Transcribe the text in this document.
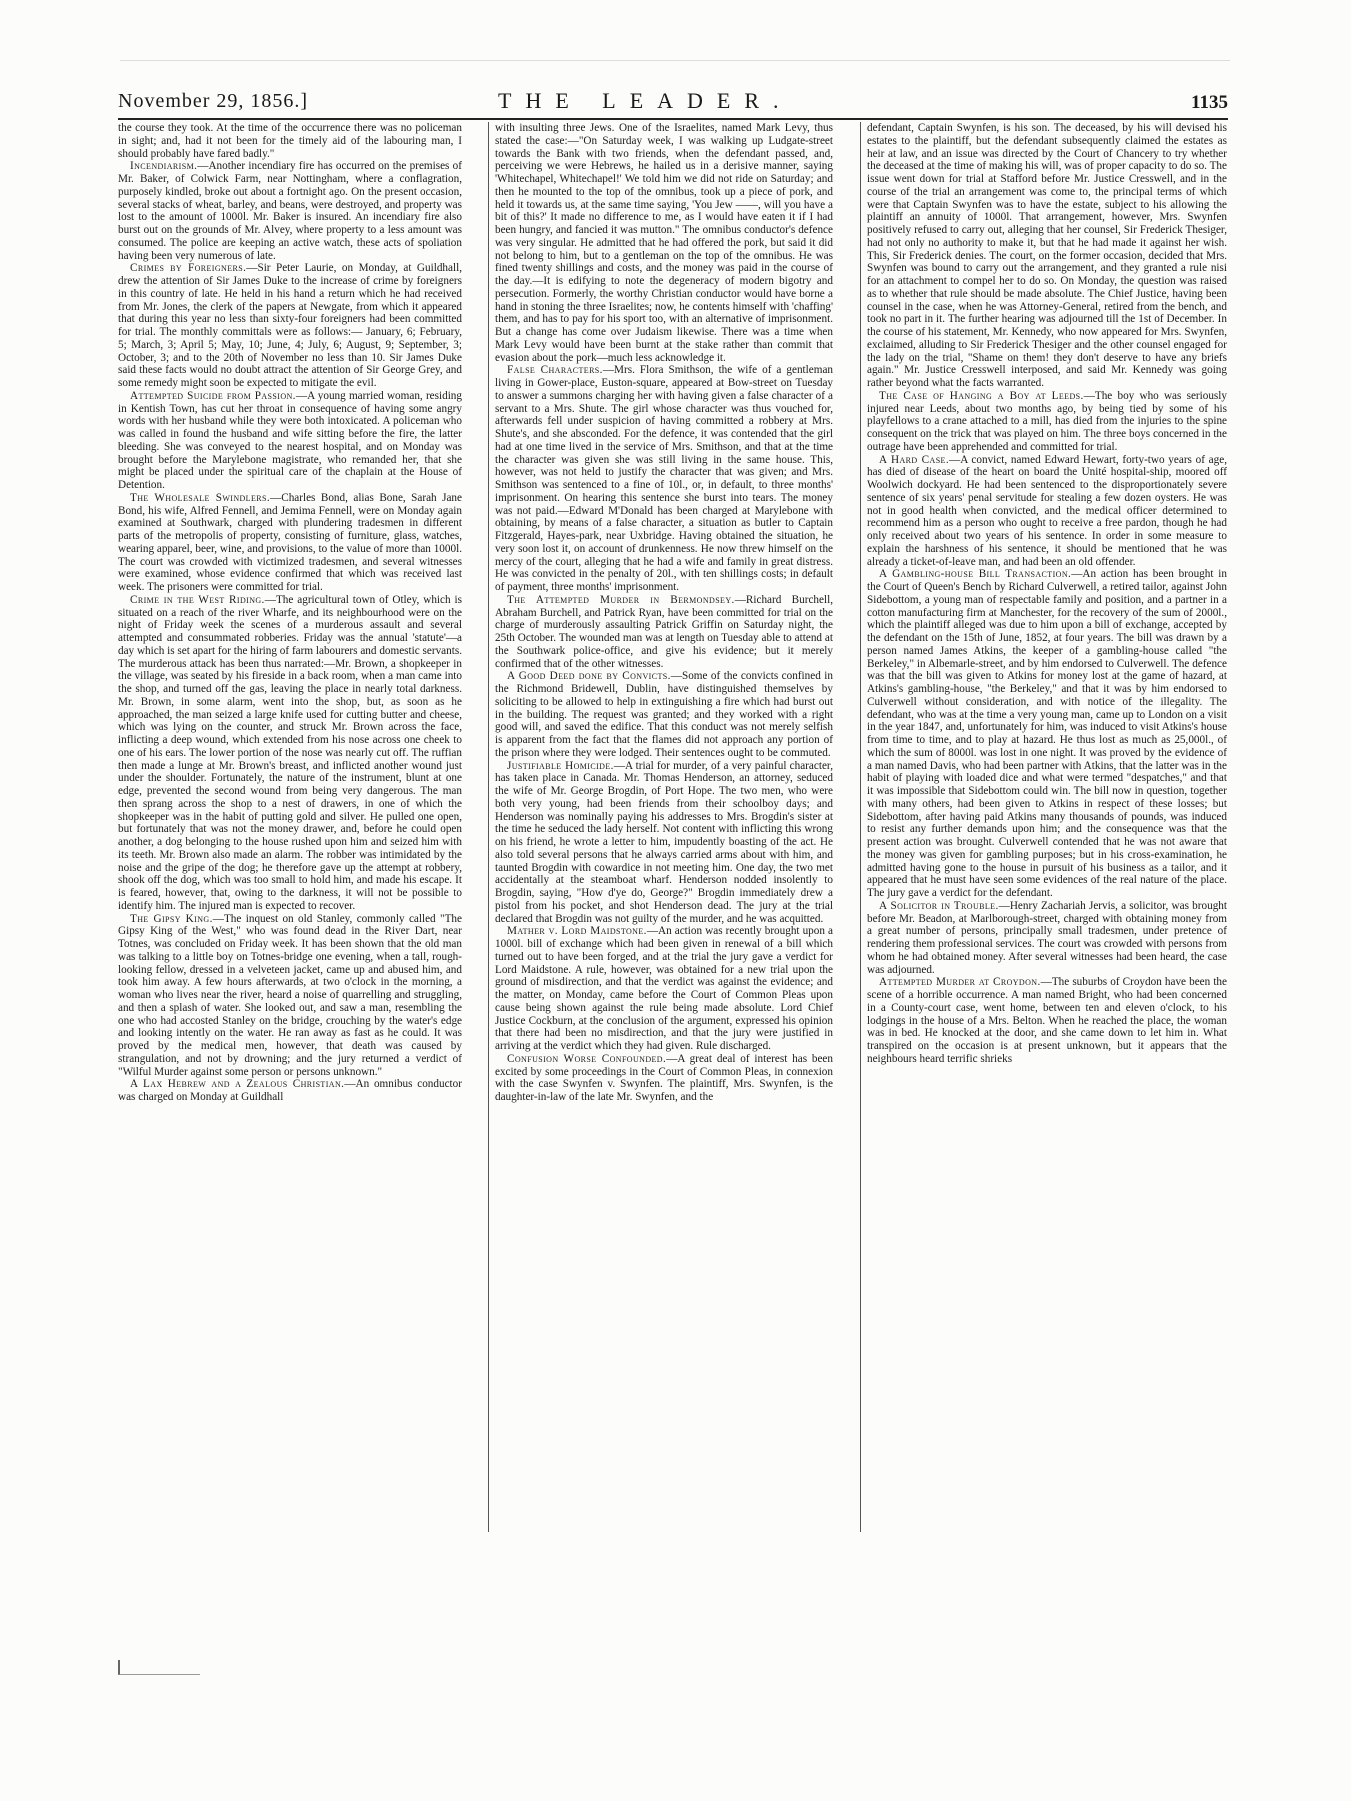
November 29, 1856.]	THE LEADER.	1135

the course they took. At the time of the occurrence there was no policeman in sight; and, had it not been for the timely aid of the labouring man, I should probably have fared badly."

Incendiarism.—Another incendiary fire has occurred on the premises of Mr. Baker, of Colwick Farm, near Nottingham, where a conflagration, purposely kindled, broke out about a fortnight ago. On the present occasion, several stacks of wheat, barley, and beans, were destroyed, and property was lost to the amount of 1000l. Mr. Baker is insured. An incendiary fire also burst out on the grounds of Mr. Alvey, where property to a less amount was consumed. The police are keeping an active watch, these acts of spoliation having been very numerous of late.

Crimes by Foreigners.—Sir Peter Laurie, on Monday, at Guildhall, drew the attention of Sir James Duke to the increase of crime by foreigners in this country of late. He held in his hand a return which he had received from Mr. Jones, the clerk of the papers at Newgate, from which it appeared that during this year no less than sixty-four foreigners had been committed for trial. The monthly committals were as follows:— January, 6; February, 5; March, 3; April 5; May, 10; June, 4; July, 6; August, 9; September, 3; October, 3; and to the 20th of November no less than 10. Sir James Duke said these facts would no doubt attract the attention of Sir George Grey, and some remedy might soon be expected to mitigate the evil.

Attempted Suicide from Passion.—A young married woman, residing in Kentish Town, has cut her throat in consequence of having some angry words with her husband while they were both intoxicated. A policeman who was called in found the husband and wife sitting before the fire, the latter bleeding. She was conveyed to the nearest hospital, and on Monday was brought before the Marylebone magistrate, who remanded her, that she might be placed under the spiritual care of the chaplain at the House of Detention.

The Wholesale Swindlers.—Charles Bond, alias Bone, Sarah Jane Bond, his wife, Alfred Fennell, and Jemima Fennell, were on Monday again examined at Southwark, charged with plundering tradesmen in different parts of the metropolis of property, consisting of furniture, glass, watches, wearing apparel, beer, wine, and provisions, to the value of more than 1000l. The court was crowded with victimized tradesmen, and several witnesses were examined, whose evidence confirmed that which was received last week. The prisoners were committed for trial.

Crime in the West Riding.—The agricultural town of Otley, which is situated on a reach of the river Wharfe, and its neighbourhood were on the night of Friday week the scenes of a murderous assault and several attempted and consummated robberies. Friday was the annual 'statute'—a day which is set apart for the hiring of farm labourers and domestic servants. The murderous attack has been thus narrated:—Mr. Brown, a shopkeeper in the village, was seated by his fireside in a back room, when a man came into the shop, and turned off the gas, leaving the place in nearly total darkness. Mr. Brown, in some alarm, went into the shop, but, as soon as he approached, the man seized a large knife used for cutting butter and cheese, which was lying on the counter, and struck Mr. Brown across the face, inflicting a deep wound, which extended from his nose across one cheek to one of his ears. The lower portion of the nose was nearly cut off. The ruffian then made a lunge at Mr. Brown's breast, and inflicted another wound just under the shoulder. Fortunately, the nature of the instrument, blunt at one edge, prevented the second wound from being very dangerous. The man then sprang across the shop to a nest of drawers, in one of which the shopkeeper was in the habit of putting gold and silver. He pulled one open, but fortunately that was not the money drawer, and, before he could open another, a dog belonging to the house rushed upon him and seized him with its teeth. Mr. Brown also made an alarm. The robber was intimidated by the noise and the gripe of the dog; he therefore gave up the attempt at robbery, shook off the dog, which was too small to hold him, and made his escape. It is feared, however, that, owing to the darkness, it will not be possible to identify him. The injured man is expected to recover.

The Gipsy King.—The inquest on old Stanley, commonly called "The Gipsy King of the West," who was found dead in the River Dart, near Totnes, was concluded on Friday week. It has been shown that the old man was talking to a little boy on Totnes-bridge one evening, when a tall, rough-looking fellow, dressed in a velveteen jacket, came up and abused him, and took him away. A few hours afterwards, at two o'clock in the morning, a woman who lives near the river, heard a noise of quarrelling and struggling, and then a splash of water. She looked out, and saw a man, resembling the one who had accosted Stanley on the bridge, crouching by the water's edge and looking intently on the water. He ran away as fast as he could. It was proved by the medical men, however, that death was caused by strangulation, and not by drowning; and the jury returned a verdict of "Wilful Murder against some person or persons unknown."

A Lax Hebrew and a Zealous Christian.—An omnibus conductor was charged on Monday at Guildhall

with insulting three Jews. One of the Israelites, named Mark Levy, thus stated the case:—"On Saturday week, I was walking up Ludgate-street towards the Bank with two friends, when the defendant passed, and, perceiving we were Hebrews, he hailed us in a derisive manner, saying 'Whitechapel, Whitechapel!' We told him we did not ride on Saturday; and then he mounted to the top of the omnibus, took up a piece of pork, and held it towards us, at the same time saying, 'You Jew ——, will you have a bit of this?' It made no difference to me, as I would have eaten it if I had been hungry, and fancied it was mutton." The omnibus conductor's defence was very singular. He admitted that he had offered the pork, but said it did not belong to him, but to a gentleman on the top of the omnibus. He was fined twenty shillings and costs, and the money was paid in the course of the day.—It is edifying to note the degeneracy of modern bigotry and persecution. Formerly, the worthy Christian conductor would have borne a hand in stoning the three Israelites; now, he contents himself with 'chaffing' them, and has to pay for his sport too, with an alternative of imprisonment. But a change has come over Judaism likewise. There was a time when Mark Levy would have been burnt at the stake rather than commit that evasion about the pork—much less acknowledge it.

False Characters.—Mrs. Flora Smithson, the wife of a gentleman living in Gower-place, Euston-square, appeared at Bow-street on Tuesday to answer a summons charging her with having given a false character of a servant to a Mrs. Shute. The girl whose character was thus vouched for, afterwards fell under suspicion of having committed a robbery at Mrs. Shute's, and she absconded. For the defence, it was contended that the girl had at one time lived in the service of Mrs. Smithson, and that at the time the character was given she was still living in the same house. This, however, was not held to justify the character that was given; and Mrs. Smithson was sentenced to a fine of 10l., or, in default, to three months' imprisonment. On hearing this sentence she burst into tears. The money was not paid.—Edward M'Donald has been charged at Marylebone with obtaining, by means of a false character, a situation as butler to Captain Fitzgerald, Hayes-park, near Uxbridge. Having obtained the situation, he very soon lost it, on account of drunkenness. He now threw himself on the mercy of the court, alleging that he had a wife and family in great distress. He was convicted in the penalty of 20l., with ten shillings costs; in default of payment, three months' imprisonment.

The Attempted Murder in Bermondsey.—Richard Burchell, Abraham Burchell, and Patrick Ryan, have been committed for trial on the charge of murderously assaulting Patrick Griffin on Saturday night, the 25th October. The wounded man was at length on Tuesday able to attend at the Southwark police-office, and give his evidence; but it merely confirmed that of the other witnesses.

A Good Deed done by Convicts.—Some of the convicts confined in the Richmond Bridewell, Dublin, have distinguished themselves by soliciting to be allowed to help in extinguishing a fire which had burst out in the building. The request was granted; and they worked with a right good will, and saved the edifice. That this conduct was not merely selfish is apparent from the fact that the flames did not approach any portion of the prison where they were lodged. Their sentences ought to be commuted.

Justifiable Homicide.—A trial for murder, of a very painful character, has taken place in Canada. Mr. Thomas Henderson, an attorney, seduced the wife of Mr. George Brogdin, of Port Hope. The two men, who were both very young, had been friends from their schoolboy days; and Henderson was nominally paying his addresses to Mrs. Brogdin's sister at the time he seduced the lady herself. Not content with inflicting this wrong on his friend, he wrote a letter to him, impudently boasting of the act. He also told several persons that he always carried arms about with him, and taunted Brogdin with cowardice in not meeting him. One day, the two met accidentally at the steamboat wharf. Henderson nodded insolently to Brogdin, saying, "How d'ye do, George?" Brogdin immediately drew a pistol from his pocket, and shot Henderson dead. The jury at the trial declared that Brogdin was not guilty of the murder, and he was acquitted.

Mather v. Lord Maidstone.—An action was recently brought upon a 1000l. bill of exchange which had been given in renewal of a bill which turned out to have been forged, and at the trial the jury gave a verdict for Lord Maidstone. A rule, however, was obtained for a new trial upon the ground of misdirection, and that the verdict was against the evidence; and the matter, on Monday, came before the Court of Common Pleas upon cause being shown against the rule being made absolute. Lord Chief Justice Cockburn, at the conclusion of the argument, expressed his opinion that there had been no misdirection, and that the jury were justified in arriving at the verdict which they had given. Rule discharged.

Confusion Worse Confounded.—A great deal of interest has been excited by some proceedings in the Court of Common Pleas, in connexion with the case Swynfen v. Swynfen. The plaintiff, Mrs. Swynfen, is the daughter-in-law of the late Mr. Swynfen, and the

defendant, Captain Swynfen, is his son. The deceased, by his will devised his estates to the plaintiff, but the defendant subsequently claimed the estates as heir at law, and an issue was directed by the Court of Chancery to try whether the deceased at the time of making his will, was of proper capacity to do so. The issue went down for trial at Stafford before Mr. Justice Cresswell, and in the course of the trial an arrangement was come to, the principal terms of which were that Captain Swynfen was to have the estate, subject to his allowing the plaintiff an annuity of 1000l. That arrangement, however, Mrs. Swynfen positively refused to carry out, alleging that her counsel, Sir Frederick Thesiger, had not only no authority to make it, but that he had made it against her wish. This, Sir Frederick denies. The court, on the former occasion, decided that Mrs. Swynfen was bound to carry out the arrangement, and they granted a rule nisi for an attachment to compel her to do so. On Monday, the question was raised as to whether that rule should be made absolute. The Chief Justice, having been counsel in the case, when he was Attorney-General, retired from the bench, and took no part in it. The further hearing was adjourned till the 1st of December. In the course of his statement, Mr. Kennedy, who now appeared for Mrs. Swynfen, exclaimed, alluding to Sir Frederick Thesiger and the other counsel engaged for the lady on the trial, "Shame on them! they don't deserve to have any briefs again." Mr. Justice Cresswell interposed, and said Mr. Kennedy was going rather beyond what the facts warranted.

The Case of Hanging a Boy at Leeds.—The boy who was seriously injured near Leeds, about two months ago, by being tied by some of his playfellows to a crane attached to a mill, has died from the injuries to the spine consequent on the trick that was played on him. The three boys concerned in the outrage have been apprehended and committed for trial.

A Hard Case.—A convict, named Edward Hewart, forty-two years of age, has died of disease of the heart on board the Unité hospital-ship, moored off Woolwich dockyard. He had been sentenced to the disproportionately severe sentence of six years' penal servitude for stealing a few dozen oysters. He was not in good health when convicted, and the medical officer determined to recommend him as a person who ought to receive a free pardon, though he had only received about two years of his sentence. In order in some measure to explain the harshness of his sentence, it should be mentioned that he was already a ticket-of-leave man, and had been an old offender.

A Gambling-house Bill Transaction.—An action has been brought in the Court of Queen's Bench by Richard Culverwell, a retired tailor, against John Sidebottom, a young man of respectable family and position, and a partner in a cotton manufacturing firm at Manchester, for the recovery of the sum of 2000l., which the plaintiff alleged was due to him upon a bill of exchange, accepted by the defendant on the 15th of June, 1852, at four years. The bill was drawn by a person named James Atkins, the keeper of a gambling-house called "the Berkeley," in Albemarle-street, and by him endorsed to Culverwell. The defence was that the bill was given to Atkins for money lost at the game of hazard, at Atkins's gambling-house, "the Berkeley," and that it was by him endorsed to Culverwell without consideration, and with notice of the illegality. The defendant, who was at the time a very young man, came up to London on a visit in the year 1847, and, unfortunately for him, was induced to visit Atkins's house from time to time, and to play at hazard. He thus lost as much as 25,000l., of which the sum of 8000l. was lost in one night. It was proved by the evidence of a man named Davis, who had been partner with Atkins, that the latter was in the habit of playing with loaded dice and what were termed "despatches," and that it was impossible that Sidebottom could win. The bill now in question, together with many others, had been given to Atkins in respect of these losses; but Sidebottom, after having paid Atkins many thousands of pounds, was induced to resist any further demands upon him; and the consequence was that the present action was brought. Culverwell contended that he was not aware that the money was given for gambling purposes; but in his cross-examination, he admitted having gone to the house in pursuit of his business as a tailor, and it appeared that he must have seen some evidences of the real nature of the place. The jury gave a verdict for the defendant.

A Solicitor in Trouble.—Henry Zachariah Jervis, a solicitor, was brought before Mr. Beadon, at Marlborough-street, charged with obtaining money from a great number of persons, principally small tradesmen, under pretence of rendering them professional services. The court was crowded with persons from whom he had obtained money. After several witnesses had been heard, the case was adjourned.

Attempted Murder at Croydon.—The suburbs of Croydon have been the scene of a horrible occurrence. A man named Bright, who had been concerned in a County-court case, went home, between ten and eleven o'clock, to his lodgings in the house of a Mrs. Belton. When he reached the place, the woman was in bed. He knocked at the door, and she came down to let him in. What transpired on the occasion is at present unknown, but it appears that the neighbours heard terrific shrieks
